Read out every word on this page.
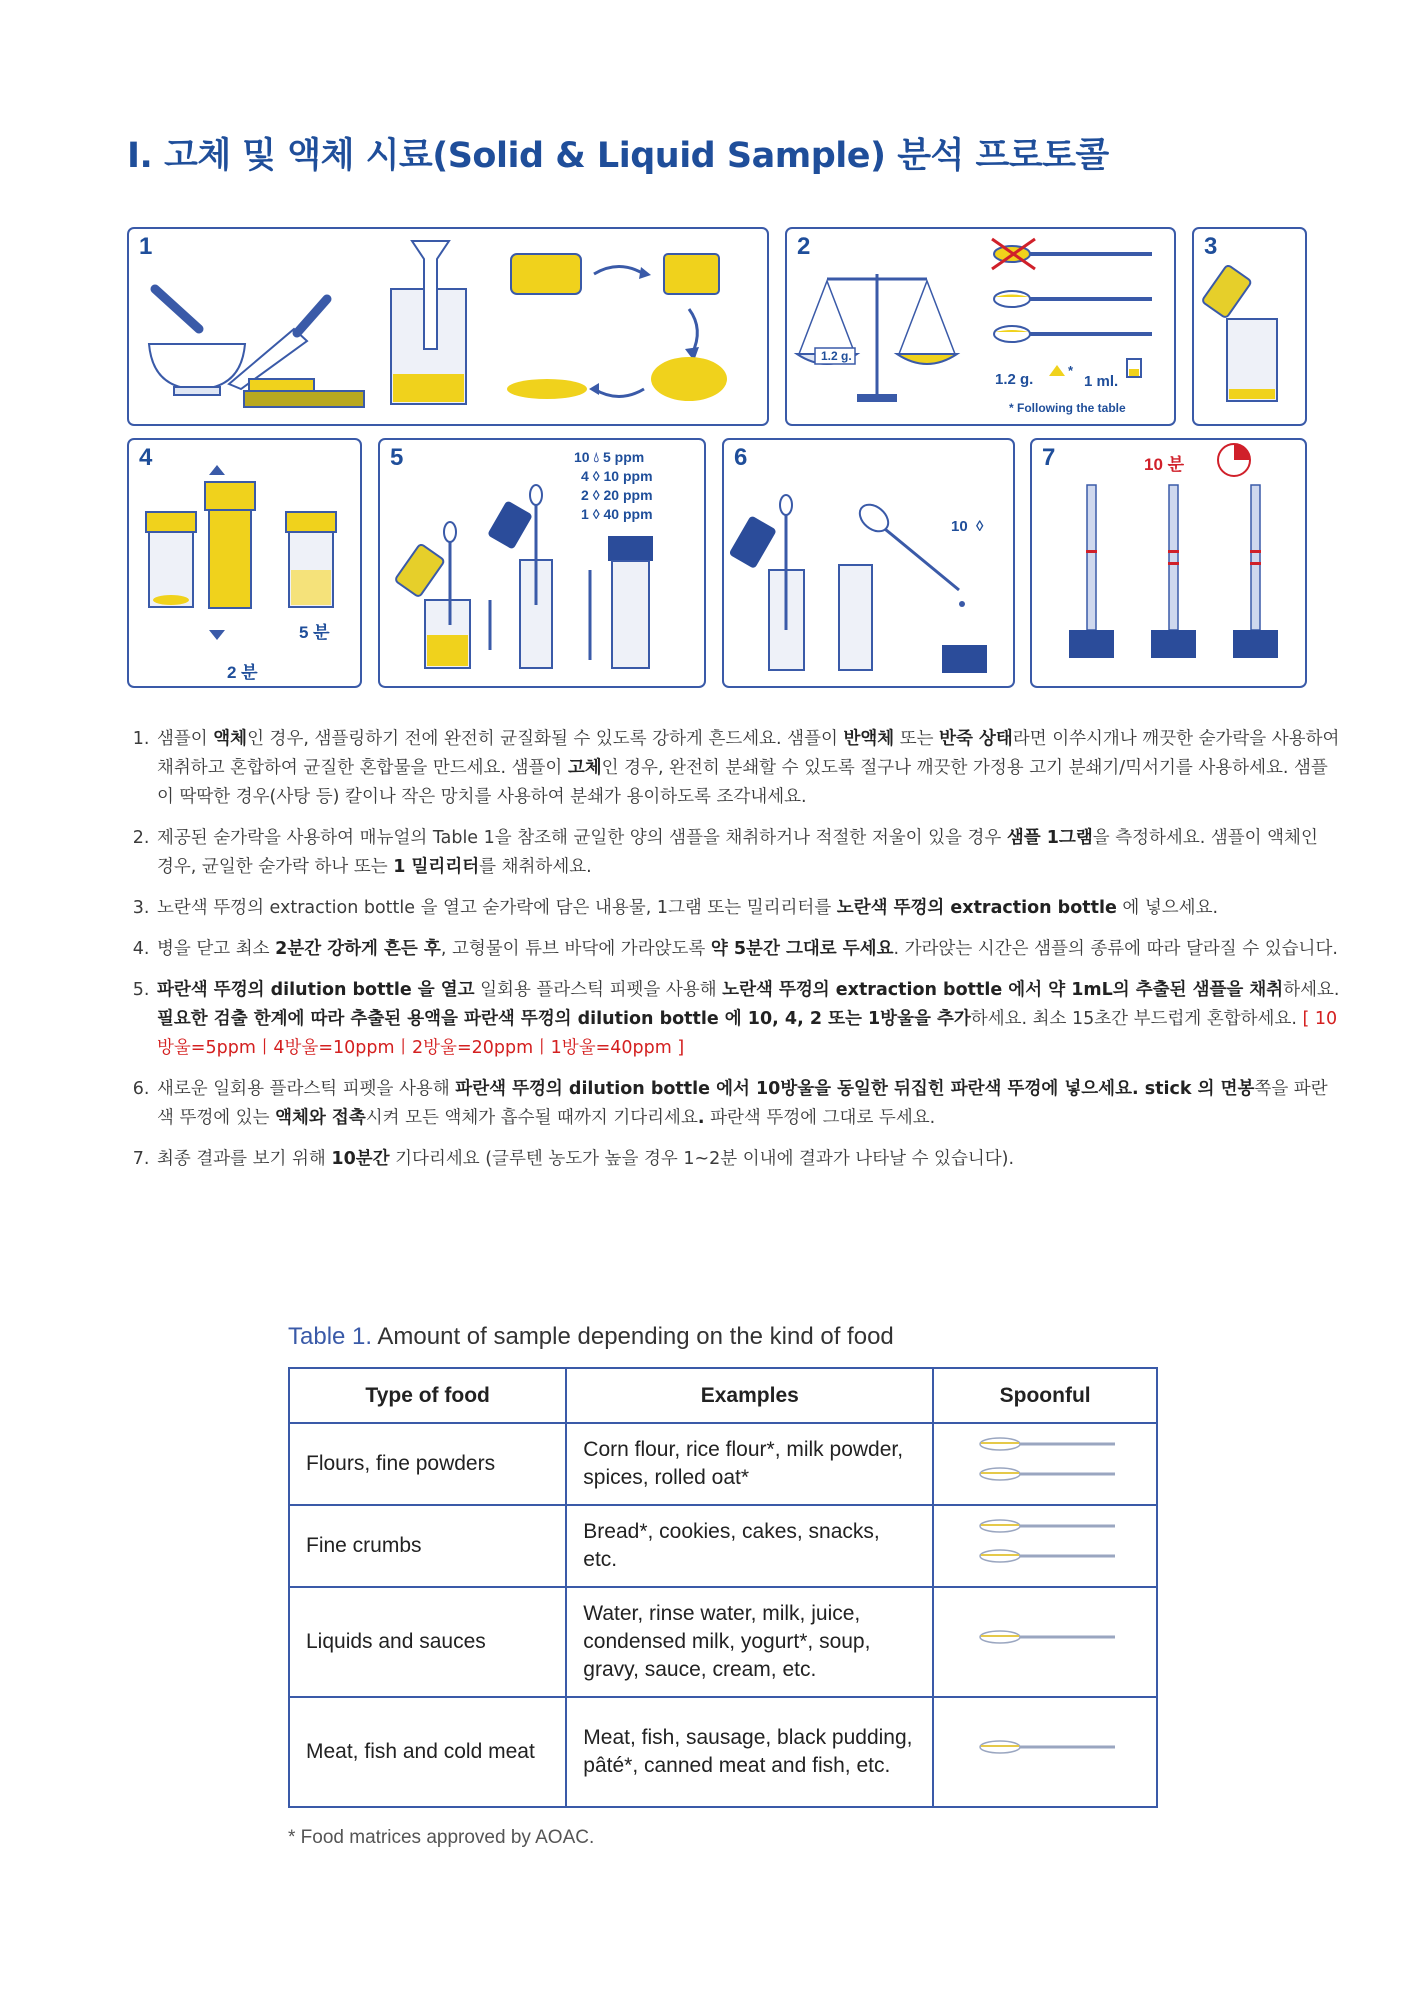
I. 고체 및 액체 시료(Solid & Liquid Sample) 분석 프로토콜
1	2
1.2 g.
1.2 g.
*
1 ml.
* Following the table
3
4
2 분
5 분
5	10 💧︎ 5 ppm
4 ◊ 10 ppm
2 ◊ 20 ppm
1 ◊ 40 ppm
6
10 ◊
7	10 분
1. 샘플이 액체인 경우, 샘플링하기 전에 완전히 균질화될 수 있도록 강하게 흔드세요. 샘플이 반액체 또는 반죽 상태라면 이쑤시개나 깨끗한 숟가락을 사용하여 채취하고 혼합하여 균질한 혼합물을 만드세요. 샘플이 고체인 경우, 완전히 분쇄할 수 있도록 절구나 깨끗한 가정용 고기 분쇄기/믹서기를 사용하세요. 샘플이 딱딱한 경우(사탕 등) 칼이나 작은 망치를 사용하여 분쇄가 용이하도록 조각내세요.
2. 제공된 숟가락을 사용하여 매뉴얼의 Table 1을 참조해 균일한 양의 샘플을 채취하거나 적절한 저울이 있을 경우 샘플 1그램을 측정하세요. 샘플이 액체인 경우, 균일한 숟가락 하나 또는 1 밀리리터를 채취하세요.
3. 노란색 뚜껑의 extraction bottle 을 열고 숟가락에 담은 내용물, 1그램 또는 밀리리터를 노란색 뚜껑의 extraction bottle 에 넣으세요.
4. 병을 닫고 최소 2분간 강하게 흔든 후, 고형물이 튜브 바닥에 가라앉도록 약 5분간 그대로 두세요. 가라앉는 시간은 샘플의 종류에 따라 달라질 수 있습니다.
5. 파란색 뚜껑의 dilution bottle 을 열고 일회용 플라스틱 피펫을 사용해 노란색 뚜껑의 extraction bottle 에서 약 1mL의 추출된 샘플을 채취하세요. 필요한 검출 한계에 따라 추출된 용액을 파란색 뚜껑의 dilution bottle 에 10, 4, 2 또는 1방울을 추가하세요. 최소 15초간 부드럽게 혼합하세요. [ 10방울=5ppm丨4방울=10ppm丨2방울=20ppm丨1방울=40ppm ]
6. 새로운 일회용 플라스틱 피펫을 사용해 파란색 뚜껑의 dilution bottle 에서 10방울을 동일한 뒤집힌 파란색 뚜껑에 넣으세요. stick 의 면봉쪽을 파란색 뚜껑에 있는 액체와 접촉시켜 모든 액체가 흡수될 때까지 기다리세요. 파란색 뚜껑에 그대로 두세요.
7. 최종 결과를 보기 위해 10분간 기다리세요 (글루텐 농도가 높을 경우 1~2분 이내에 결과가 나타날 수 있습니다).
Table 1. Amount of sample depending on the kind of food
Type of food	Examples	Spoonful
Flours, fine powders	Corn flour, rice flour*, milk powder, spices, rolled oat*	
Fine crumbs	Bread*, cookies, cakes, snacks, etc.	
Liquids and sauces	Water, rinse water, milk, juice, condensed milk, yogurt*, soup, gravy, sauce, cream, etc.	
Meat, fish and cold meat	Meat, fish, sausage, black pudding, pâté*, canned meat and fish, etc.	
* Food matrices approved by AOAC.
